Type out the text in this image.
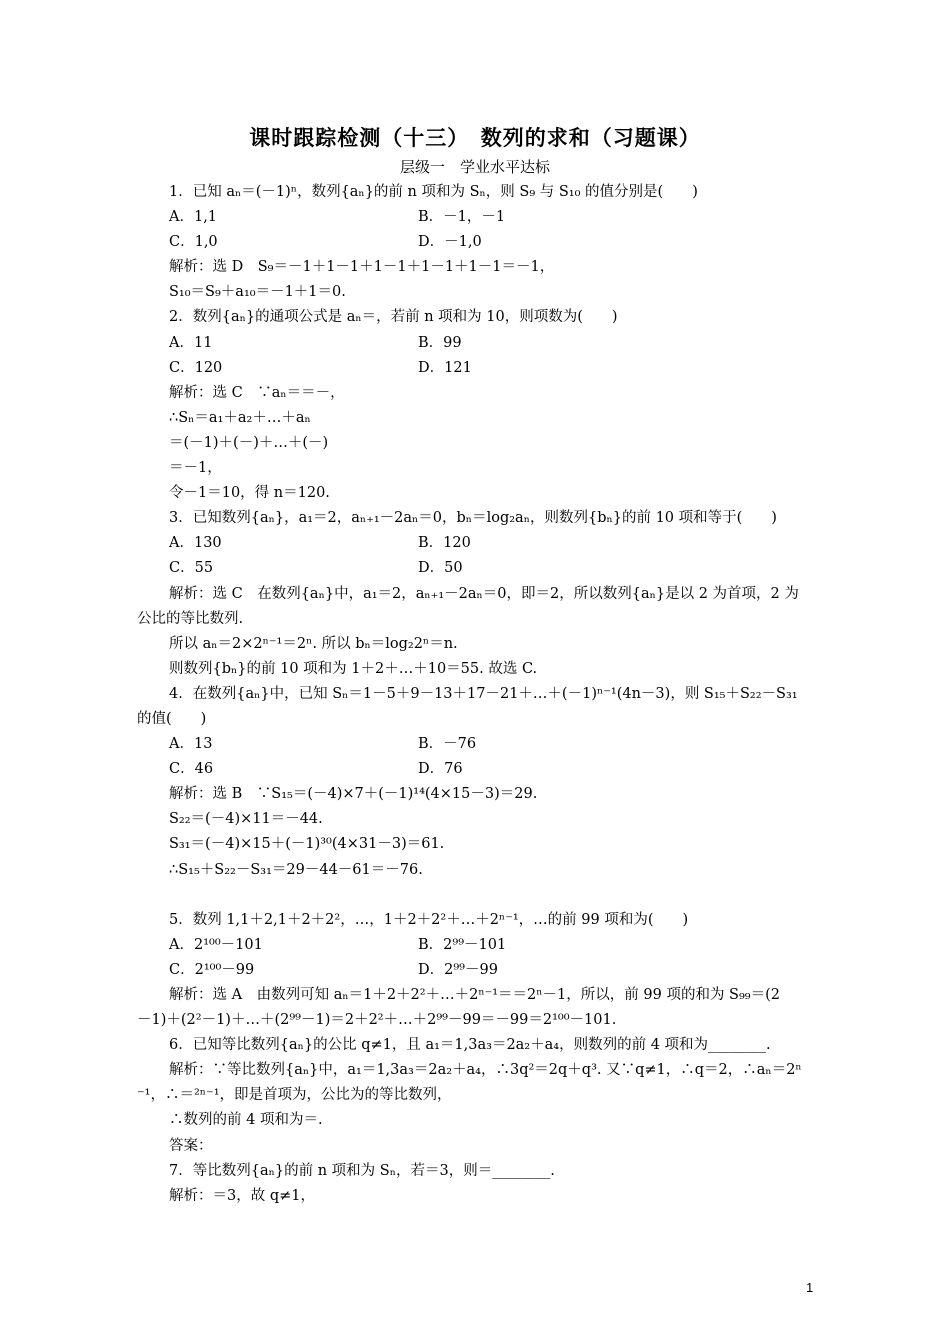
课时跟踪检测（十三）　数列的求和（习题课）
层级一　学业水平达标
1．已知 aₙ＝(－1)ⁿ，数列{aₙ}的前 n 项和为 Sₙ，则 S₉ 与 S₁₀ 的值分别是(　　)
A．1,1	B．－1，－1
C．1,0	D．－1,0
解析：选 D　S₉＝－1＋1－1＋1－1＋1－1＋1－1＝－1，
S₁₀＝S₉＋a₁₀＝－1＋1＝0.
2．数列{aₙ}的通项公式是 aₙ＝，若前 n 项和为 10，则项数为(　　)
A．11	B．99
C．120	D．121
解析：选 C　∵aₙ＝＝－，
∴Sₙ＝a₁＋a₂＋…＋aₙ
＝(－1)＋(－)＋…＋(－)
＝－1，
令－1＝10，得 n＝120.
3．已知数列{aₙ}，a₁＝2，aₙ₊₁－2aₙ＝0，bₙ＝log₂aₙ，则数列{bₙ}的前 10 项和等于(　　)
A．130	B．120
C．55	D．50
解析：选 C　在数列{aₙ}中，a₁＝2，aₙ₊₁－2aₙ＝0，即＝2，所以数列{aₙ}是以 2 为首项，2 为
公比的等比数列.
所以 aₙ＝2×2ⁿ⁻¹＝2ⁿ. 所以 bₙ＝log₂2ⁿ＝n.
则数列{bₙ}的前 10 项和为 1＋2＋…＋10＝55. 故选 C.
4．在数列{aₙ}中，已知 Sₙ＝1－5＋9－13＋17－21＋…＋(－1)ⁿ⁻¹(4n－3)，则 S₁₅＋S₂₂－S₃₁
的值(　　)
A．13	B．－76
C．46	D．76
解析：选 B　∵S₁₅＝(－4)×7＋(－1)¹⁴(4×15－3)＝29.
S₂₂＝(－4)×11＝－44.
S₃₁＝(－4)×15＋(－1)³⁰(4×31－3)＝61.
∴S₁₅＋S₂₂－S₃₁＝29－44－61＝－76.
5．数列 1,1＋2,1＋2＋2²，…，1＋2＋2²＋…＋2ⁿ⁻¹，…的前 99 项和为(　　)
A．2¹⁰⁰－101	B．2⁹⁹－101
C．2¹⁰⁰－99	D．2⁹⁹－99
解析：选 A　由数列可知 aₙ＝1＋2＋2²＋…＋2ⁿ⁻¹＝＝2ⁿ－1，所以，前 99 项的和为 S₉₉＝(2
－1)＋(2²－1)＋…＋(2⁹⁹－1)＝2＋2²＋…＋2⁹⁹－99＝－99＝2¹⁰⁰－101.
6．已知等比数列{aₙ}的公比 q≠1，且 a₁＝1,3a₃＝2a₂＋a₄，则数列的前 4 项和为________.
解析：∵等比数列{aₙ}中，a₁＝1,3a₃＝2a₂＋a₄，∴3q²＝2q＋q³. 又∵q≠1，∴q＝2，∴aₙ＝2ⁿ
⁻¹，∴＝²ⁿ⁻¹，即是首项为，公比为的等比数列，
∴数列的前 4 项和为＝.
答案：
7．等比数列{aₙ}的前 n 项和为 Sₙ，若＝3，则＝________.
解析：＝3，故 q≠1，
1
